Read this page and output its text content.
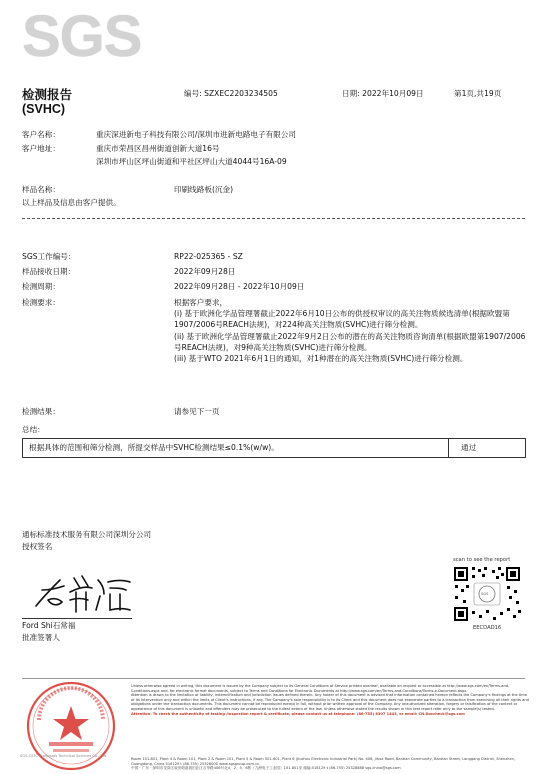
SGS
检测报告
(SVHC)
编号: SZXEC2203234505	日期: 2022年10月09日	第1页,共19页
客户名称：	重庆深进新电子科技有限公司/深圳市进新电路电子有限公司
客户地址：	重庆市荣昌区昌州街道创新大道16号
深圳市坪山区坪山街道和平社区坪山大道4044号16A-09
样品名称：	印刷线路板(沉金)
以上样品及信息由客户提供。
SGS工作编号：	RP22-025365 - SZ
样品接收日期：	2022年09月28日
检测周期：	2022年09月28日 - 2022年10月09日
检测要求：	根据客户要求，

(i) 基于欧洲化学品管理署截止2022年6月10日公布的供授权审议的高关注物质候选清单(根据欧盟第1907/2006号REACH法规)，对224种高关注物质(SVHC)进行筛分检测。

(ii) 基于欧洲化学品管理署截止2022年9月2日公布的潜在的高关注物质咨询清单(根据欧盟第1907/2006号REACH法规)，对9种高关注物质(SVHC)进行筛分检测。

(iii) 基于WTO 2021年6月1日的通知，对1种潜在的高关注物质(SVHC)进行筛分检测。

检测结果：	请参见下一页
总结：
根据具体的范围和筛分检测，所提交样品中SVHC检测结果≤0.1%(w/w)。	通过
通标标准技术服务有限公司深圳分公司
授权签名
Ford Shi石常福
批准签署人
scan to see the report
SGS
EECDAD16
SGS-CSTC Standards Technical Services Co., Ltd.
Unless otherwise agreed in writing, this document is issued by the Company subject to its General Conditions of Service printed overleaf, available on request or accessible at http://www.sgs.com/en/Terms-and-Conditions.aspx and, for electronic format documents, subject to Terms and Conditions for Electronic Documents at http://www.sgs.com/en/Terms-and-Conditions/Terms-e-Document.aspx.
Attention is drawn to the limitation of liability, indemnification and jurisdiction issues defined therein. Any holder of this document is advised that information contained hereon reflects the Company's findings at the time of its intervention only and within the limits of Client's instructions, if any. The Company's sole responsibility is to its Client and this document does not exonerate parties to a transaction from exercising all their rights and obligations under the transaction documents. This document cannot be reproduced except in full, without prior written approval of the Company. Any unauthorized alteration, forgery or falsification of the content or appearance of this document is unlawful and offenders may be prosecuted to the fullest extent of the law. Unless otherwise stated the results shown in this test report refer only to the sample(s) tested.
Attention: To check the authenticity of testing /inspection report & certificate, please contact us at telephone: (86-755) 8307 1443, or email: CN.Doccheck@sgs.com
Room 101-801, Plant 4 & Room 101, Plant 2 & Room 101, Plant 5 & Room 501-601, Plant 6 (Jiuzhou Electronic Industrial Park) No. 406, Jihua Road, Bantian Community, Bantian Street, Longgang District, Shenzhen, Guangdong, China 518129 t (86-755) 25328000 www.sgsgroup.com.cn
中国・广东・深圳市龙岗区坂田街道坂田社区吉华路406号北4、2、5、6栋（九洲电子工业园）101-801室 邮编:518129 t (86-755) 25328888 sgs.china@sgs.com
